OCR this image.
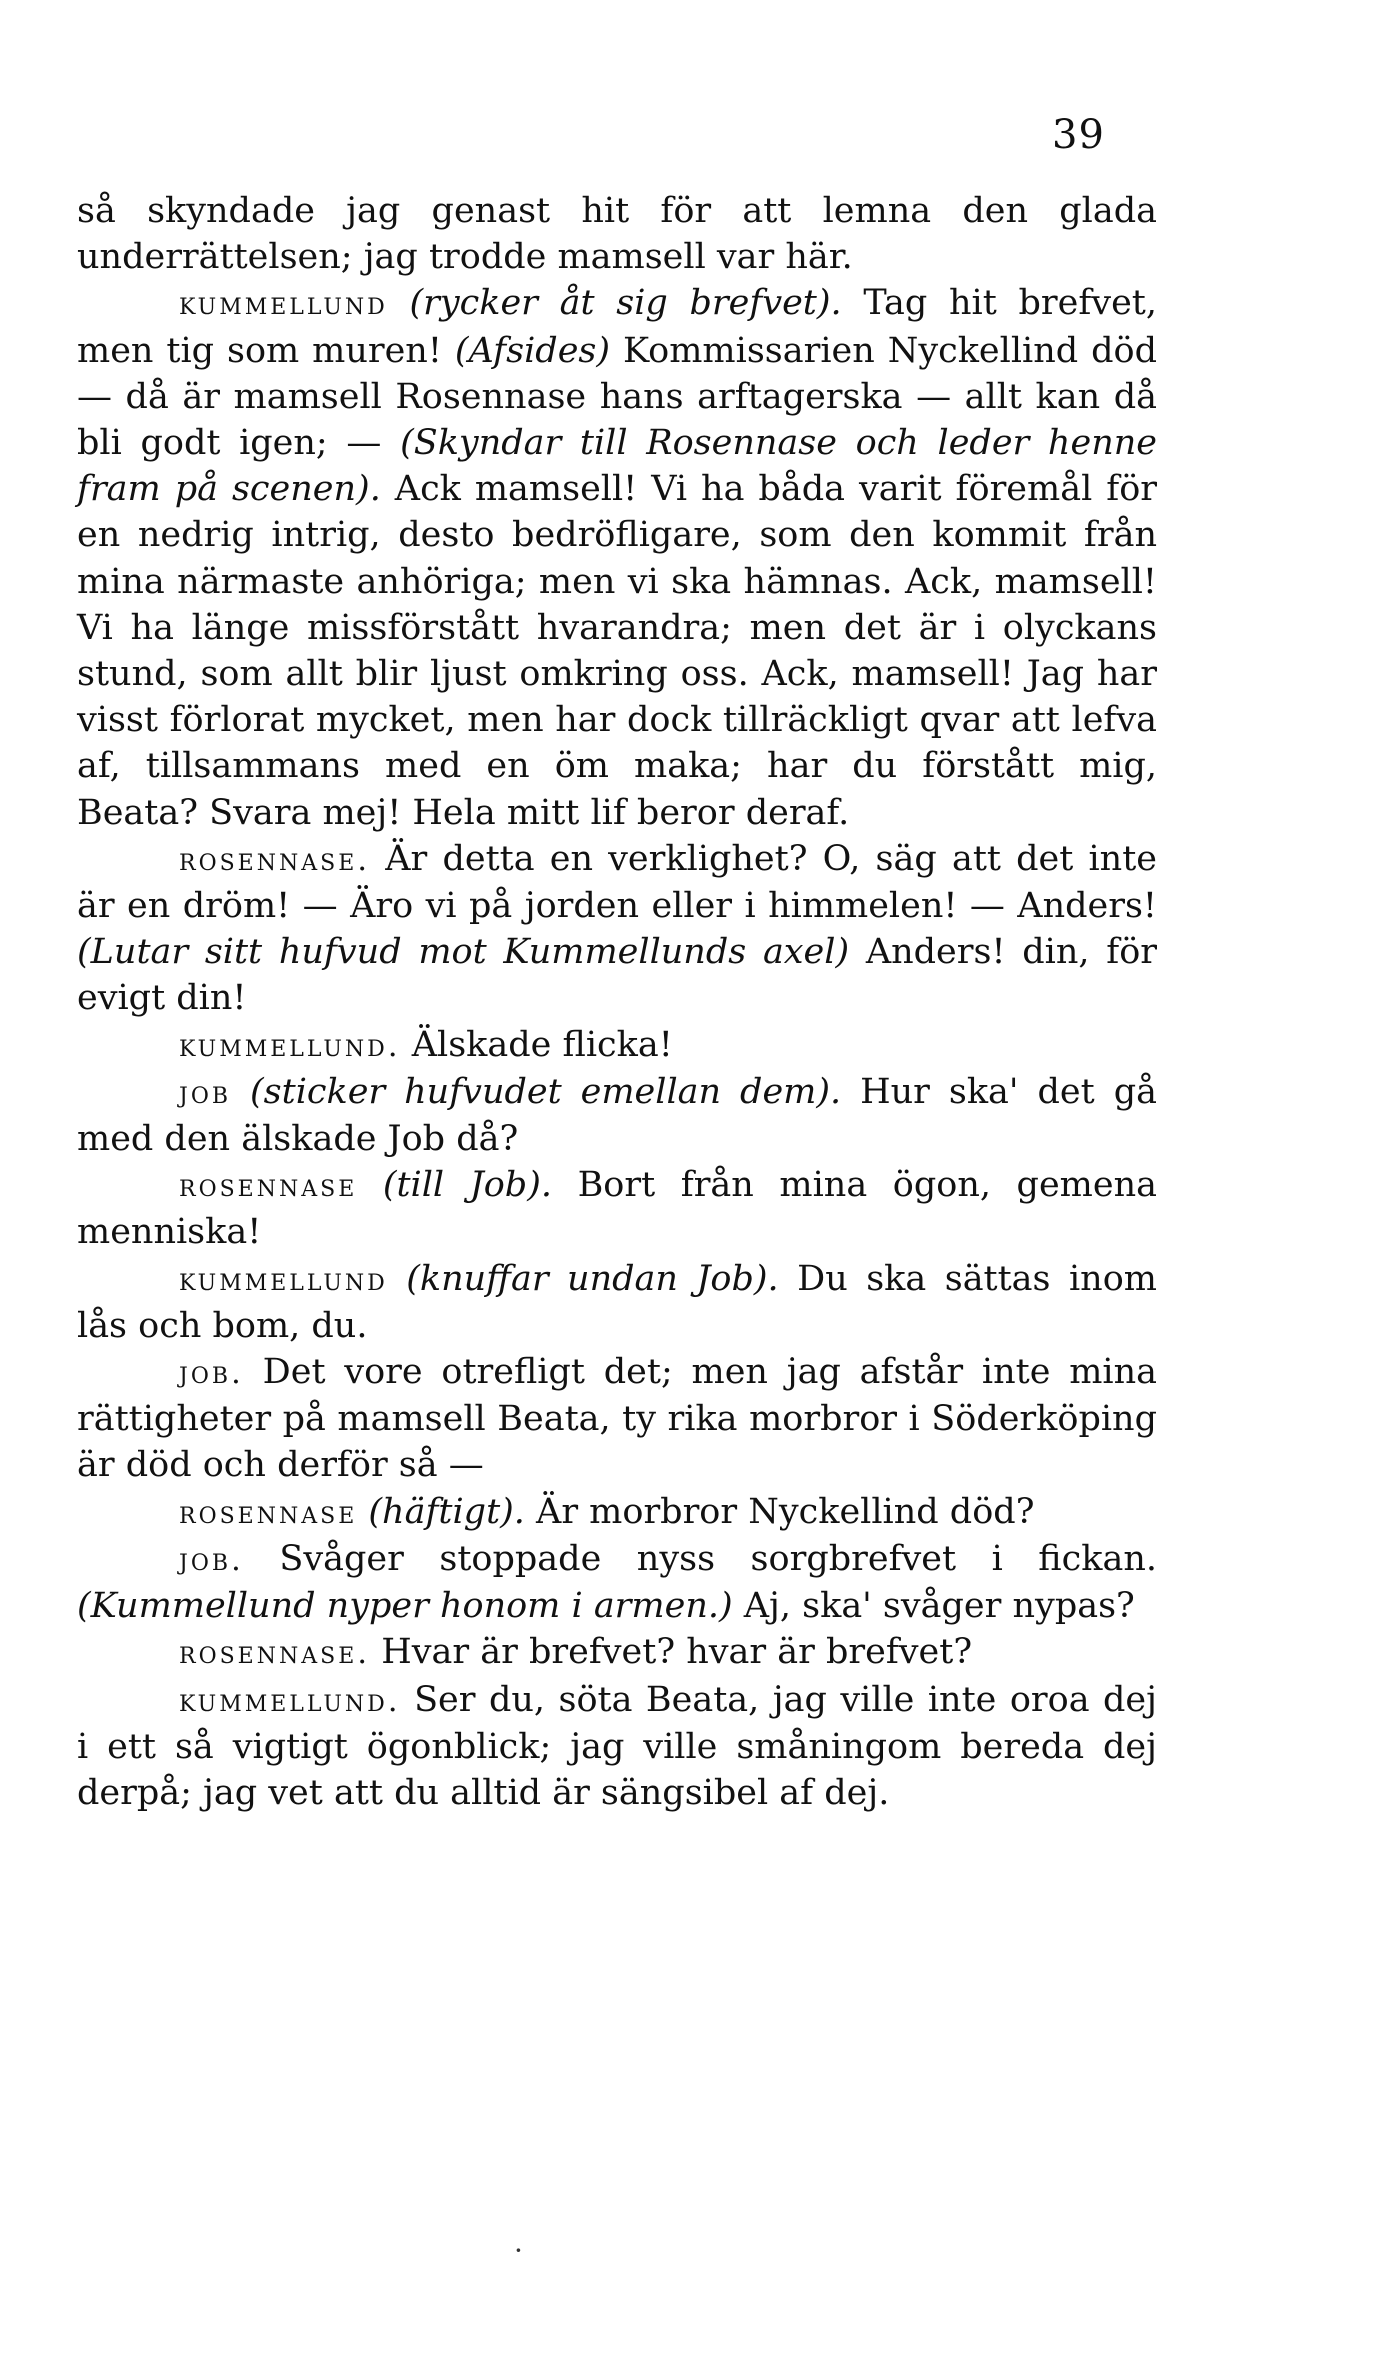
39

så skyndade jag genast hit för att lemna den glada underrättelsen; jag trodde mamsell var här.

kummellund (rycker åt sig brefvet). Tag hit brefvet, men tig som muren! (Afsides) Kommissarien Nyckellind död — då är mamsell Rosennase hans arftagerska — allt kan då bli godt igen; — (Skyndar till Rosennase och leder henne fram på scenen). Ack mamsell! Vi ha båda varit föremål för en nedrig intrig, desto bedröfligare, som den kommit från mina närmaste anhöriga; men vi ska hämnas. Ack, mamsell! Vi ha länge missförstått hvarandra; men det är i olyckans stund, som allt blir ljust omkring oss. Ack, mamsell! Jag har visst förlorat mycket, men har dock tillräckligt qvar att lefva af, tillsammans med en öm maka; har du förstått mig, Beata? Svara mej! Hela mitt lif beror deraf.

rosennase. Är detta en verklighet? O, säg att det inte är en dröm! — Äro vi på jorden eller i himmelen! — Anders! (Lutar sitt hufvud mot Kummellunds axel) Anders! din, för evigt din!

kummellund. Älskade flicka!

job (sticker hufvudet emellan dem). Hur ska' det gå med den älskade Job då?

rosennase (till Job). Bort från mina ögon, gemena menniska!

kummellund (knuffar undan Job). Du ska sättas inom lås och bom, du.

job. Det vore otrefligt det; men jag afstår inte mina rättigheter på mamsell Beata, ty rika morbror i Söderköping är död och derför så —

rosennase (häftigt). Är morbror Nyckellind död?

job. Svåger stoppade nyss sorgbrefvet i fickan. (Kummellund nyper honom i armen.) Aj, ska' svåger nypas?

rosennase. Hvar är brefvet? hvar är brefvet?

kummellund. Ser du, söta Beata, jag ville inte oroa dej i ett så vigtigt ögonblick; jag ville småningom bereda dej derpå; jag vet att du alltid är sängsibel af dej.

·
